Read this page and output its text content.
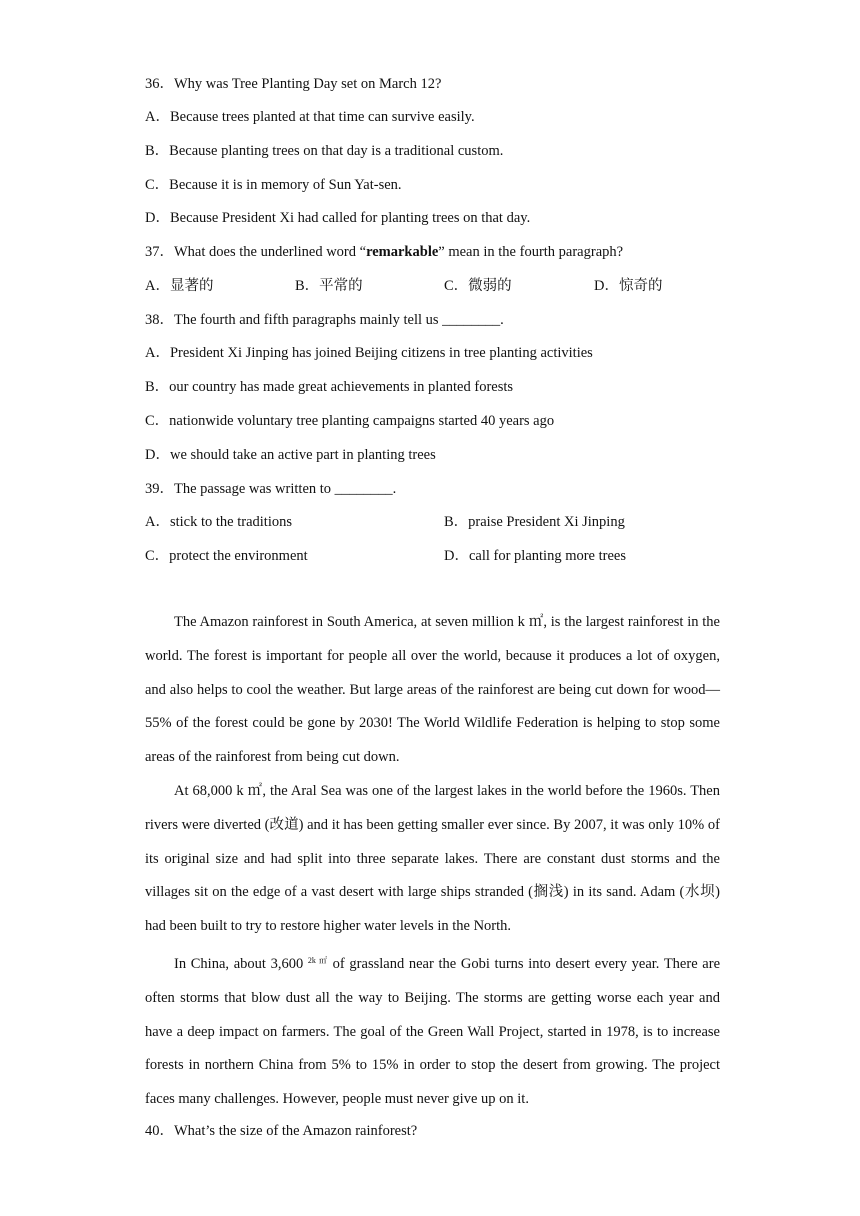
36．Why was Tree Planting Day set on March 12?
A．Because trees planted at that time can survive easily.
B．Because planting trees on that day is a traditional custom.
C．Because it is in memory of Sun Yat-sen.
D．Because President Xi had called for planting trees on that day.
37．What does the underlined word “remarkable” mean in the fourth paragraph?
A．显著的	B．平常的	C．微弱的	D．惊奇的
38．The fourth and fifth paragraphs mainly tell us ________.
A．President Xi Jinping has joined Beijing citizens in tree planting activities
B．our country has made great achievements in planted forests
C．nationwide voluntary tree planting campaigns started 40 years ago
D．we should take an active part in planting trees
39．The passage was written to ________.
A．stick to the traditions	B．praise President Xi Jinping
C．protect the environment	D．call for planting more trees
The Amazon rainforest in South America, at seven million k ㎡, is the largest rainforest in the world. The forest is important for people all over the world, because it produces a lot of oxygen, and also helps to cool the weather. But large areas of the rainforest are being cut down for wood—55% of the forest could be gone by 2030! The World Wildlife Federation is helping to stop some areas of the rainforest from being cut down.
At 68,000 k ㎡, the Aral Sea was one of the largest lakes in the world before the 1960s. Then rivers were diverted (改道) and it has been getting smaller ever since. By 2007, it was only 10% of its original size and had split into three separate lakes. There are constant dust storms and the villages sit on the edge of a vast desert with large ships stranded (搁浅) in its sand. Adam (水坝) had been built to try to restore higher water levels in the North.
In China, about 3,600 $^{2k ㎡}$ of grassland near the Gobi turns into desert every year. There are often storms that blow dust all the way to Beijing. The storms are getting worse each year and have a deep impact on farmers. The goal of the Green Wall Project, started in 1978, is to increase forests in northern China from 5% to 15% in order to stop the desert from growing. The project faces many challenges. However, people must never give up on it.
40．What’s the size of the Amazon rainforest?
